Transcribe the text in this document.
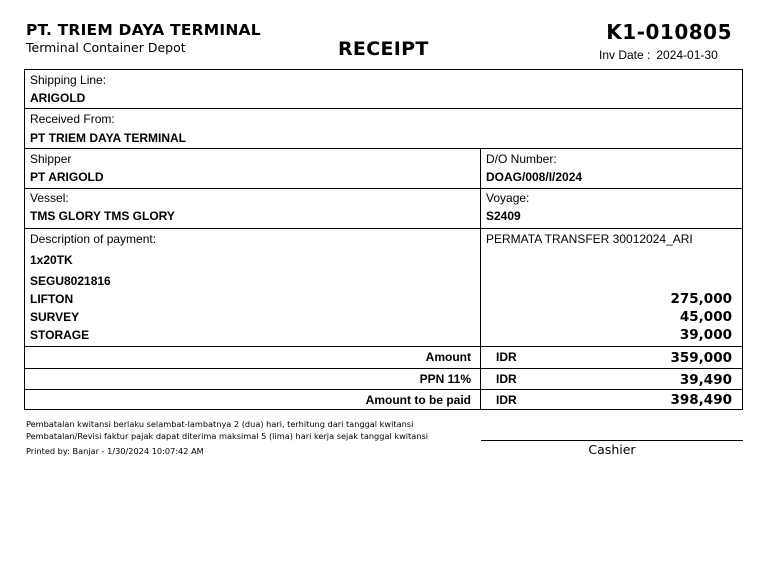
PT. TRIEM DAYA TERMINAL
Terminal Container Depot	RECEIPT
K1-010805
Inv Date : 2024-01-30
Shipping Line:
ARIGOLD
Received From:
PT TRIEM DAYA TERMINAL
Shipper
PT ARIGOLD
D/O Number:
DOAG/008/I/2024
Vessel:
TMS GLORY TMS GLORY
Voyage:
S2409
Description of payment:	PERMATA TRANSFER 30012024_ARI
1x20TK
SEGU8021816
LIFTON	275,000
SURVEY	45,000
STORAGE	39,000
Amount IDR	359,000
PPN 11% IDR	39,490
Amount to be paid IDR	398,490
Pembatalan kwitansi berlaku selambat-lambatnya 2 (dua) hari, terhitung dari tanggal kwitansi
Pembatalan/Revisi faktur pajak dapat diterima maksimal 5 (lima) hari kerja sejak tanggal kwitansi
Printed by: Banjar - 1/30/2024 10:07:42 AM	Cashier
